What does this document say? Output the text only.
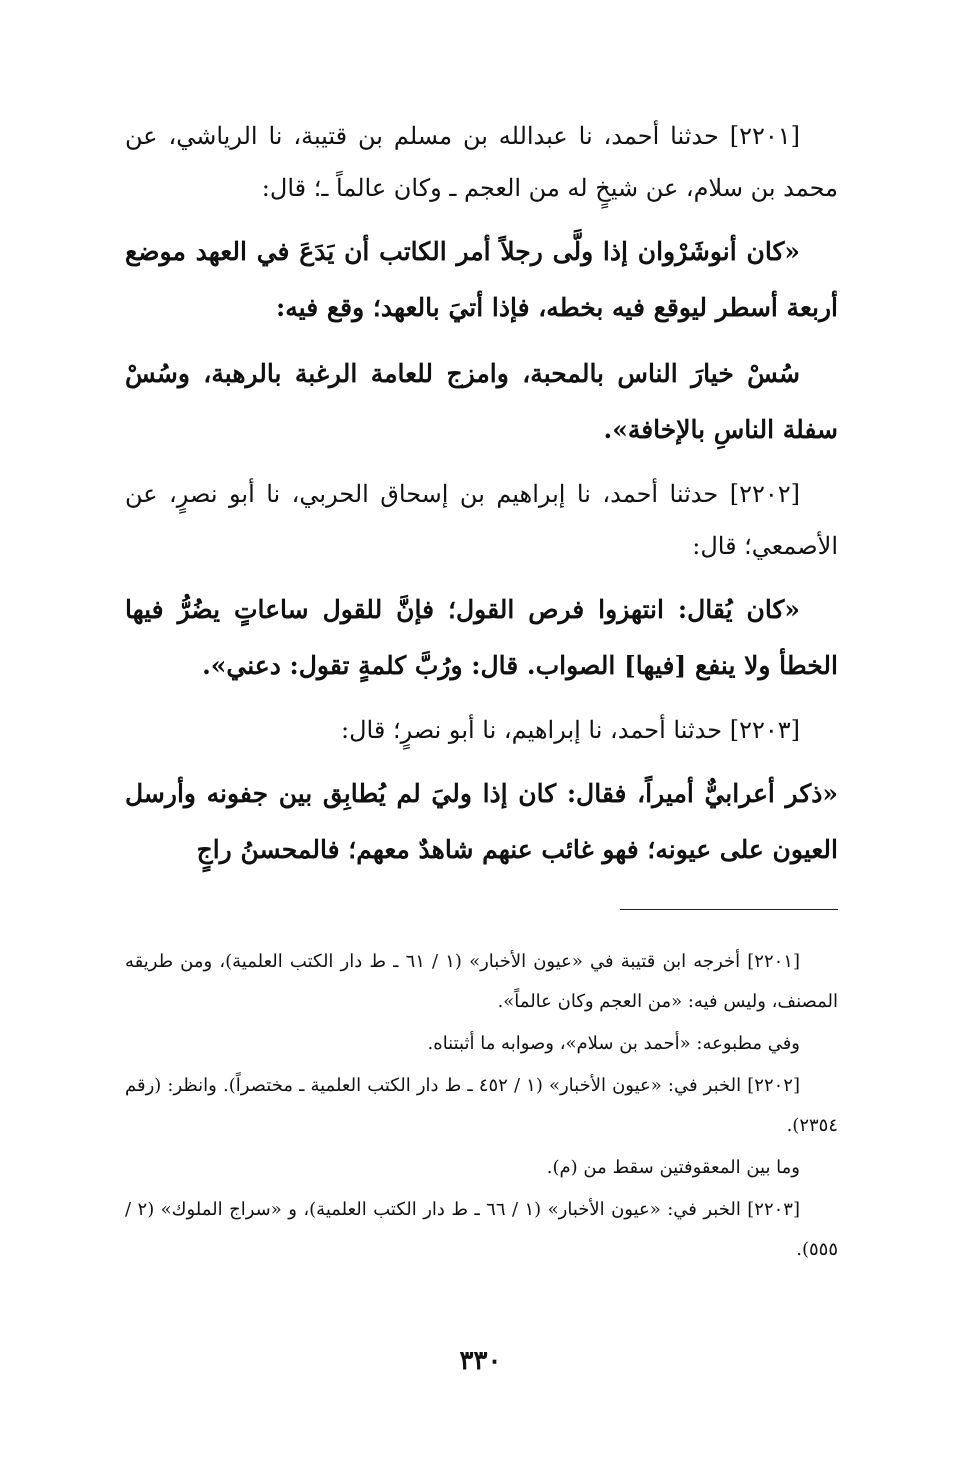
[٢٢٠١] حدثنا أحمد، نا عبدالله بن مسلم بن قتيبة، نا الرياشي، عن محمد بن سلام، عن شيخٍ له من العجم ـ وكان عالماً ـ؛ قال:

«كان أنوشَرْوان إذا ولَّى رجلاً أمر الكاتب أن يَدَعَ في العهد موضع أربعة أسطر ليوقع فيه بخطه، فإذا أتيَ بالعهد؛ وقع فيه:

سُسْ خيارَ الناس بالمحبة، وامزج للعامة الرغبة بالرهبة، وسُسْ سفلة الناسِ بالإخافة».

[٢٢٠٢] حدثنا أحمد، نا إبراهيم بن إسحاق الحربي، نا أبو نصرٍ، عن الأصمعي؛ قال:

«كان يُقال: انتهزوا فرص القول؛ فإنَّ للقول ساعاتٍ يضُرُّ فيها الخطأ ولا ينفع [فيها] الصواب. قال: ورُبَّ كلمةٍ تقول: دعني».

[٢٢٠٣] حدثنا أحمد، نا إبراهيم، نا أبو نصرٍ؛ قال:

«ذكر أعرابيٌّ أميراً، فقال: كان إذا وليَ لم يُطابِق بين جفونه وأرسل العيون على عيونه؛ فهو غائب عنهم شاهدٌ معهم؛ فالمحسنُ راجٍ

[٢٢٠١] أخرجه ابن قتيبة في «عيون الأخبار» (١ / ٦١ ـ ط دار الكتب العلمية)، ومن طريقه المصنف، وليس فيه: «من العجم وكان عالماً».

وفي مطبوعه: «أحمد بن سلام»، وصوابه ما أثبتناه.

[٢٢٠٢] الخبر في: «عيون الأخبار» (١ / ٤٥٢ ـ ط دار الكتب العلمية ـ مختصراً). وانظر: (رقم ٢٣٥٤).

وما بين المعقوفتين سقط من (م).

[٢٢٠٣] الخبر في: «عيون الأخبار» (١ / ٦٦ ـ ط دار الكتب العلمية)، و «سراج الملوك» (٢ / ٥٥٥).

٣٣٠
